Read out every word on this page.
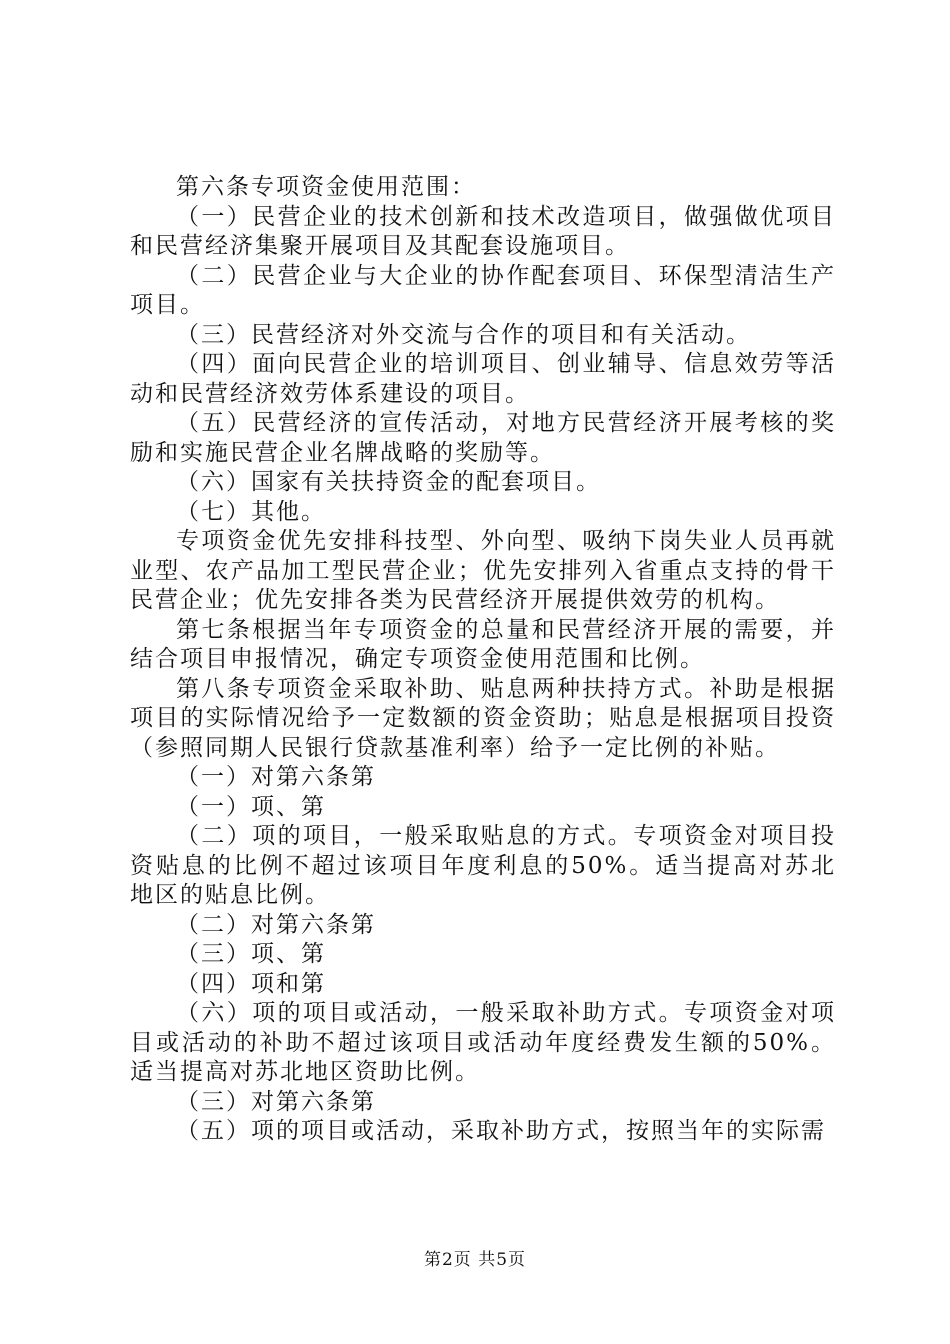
第六条专项资金使用范围：

（一）民营企业的技术创新和技术改造项目，做强做优项目和民营经济集聚开展项目及其配套设施项目。

（二）民营企业与大企业的协作配套项目、环保型清洁生产项目。

（三）民营经济对外交流与合作的项目和有关活动。

（四）面向民营企业的培训项目、创业辅导、信息效劳等活动和民营经济效劳体系建设的项目。

（五）民营经济的宣传活动，对地方民营经济开展考核的奖励和实施民营企业名牌战略的奖励等。

（六）国家有关扶持资金的配套项目。

（七）其他。

专项资金优先安排科技型、外向型、吸纳下岗失业人员再就业型、农产品加工型民营企业；优先安排列入省重点支持的骨干民营企业；优先安排各类为民营经济开展提供效劳的机构。

第七条根据当年专项资金的总量和民营经济开展的需要，并结合项目申报情况，确定专项资金使用范围和比例。

第八条专项资金采取补助、贴息两种扶持方式。补助是根据项目的实际情况给予一定数额的资金资助；贴息是根据项目投资（参照同期人民银行贷款基准利率）给予一定比例的补贴。

（一）对第六条第

（一）项、第

（二）项的项目，一般采取贴息的方式。专项资金对项目投资贴息的比例不超过该项目年度利息的50%。适当提高对苏北地区的贴息比例。

（二）对第六条第

（三）项、第

（四）项和第

（六）项的项目或活动，一般采取补助方式。专项资金对项目或活动的补助不超过该项目或活动年度经费发生额的50%。适当提高对苏北地区资助比例。

（三）对第六条第

（五）项的项目或活动，采取补助方式，按照当年的实际需

第2页 共5页
